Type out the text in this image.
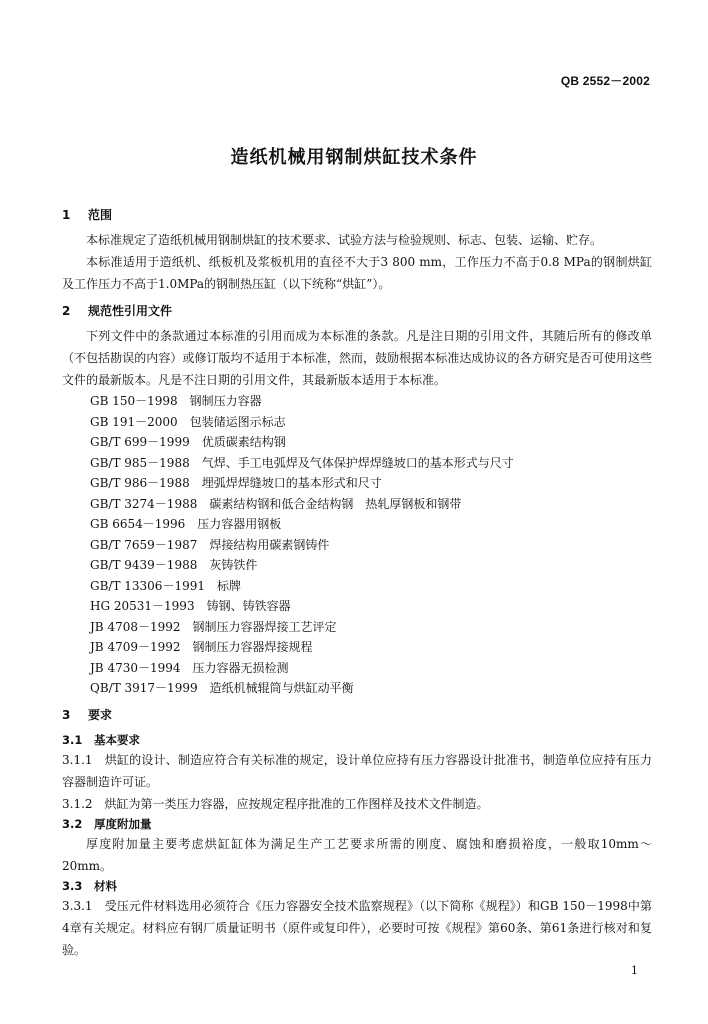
QB 2552－2002
造纸机械用钢制烘缸技术条件
1 范围
本标准规定了造纸机械用钢制烘缸的技术要求、试验方法与检验规则、标志、包装、运输、贮存。
本标准适用于造纸机、纸板机及浆板机用的直径不大于3 800 mm，工作压力不高于0.8 MPa的钢制烘缸及工作压力不高于1.0MPa的钢制热压缸（以下统称“烘缸”）。
2 规范性引用文件
下列文件中的条款通过本标准的引用而成为本标准的条款。凡是注日期的引用文件，其随后所有的修改单（不包括勘误的内容）或修订版均不适用于本标准，然而，鼓励根据本标准达成协议的各方研究是否可使用这些文件的最新版本。凡是不注日期的引用文件，其最新版本适用于本标准。
GB 150－1998　钢制压力容器
GB 191－2000　包装储运图示标志
GB/T 699－1999　优质碳素结构钢
GB/T 985－1988　气焊、手工电弧焊及气体保护焊焊缝坡口的基本形式与尺寸
GB/T 986－1988　埋弧焊焊缝坡口的基本形式和尺寸
GB/T 3274－1988　碳素结构钢和低合金结构钢　热轧厚钢板和钢带
GB 6654－1996　压力容器用钢板
GB/T 7659－1987　焊接结构用碳素钢铸件
GB/T 9439－1988　灰铸铁件
GB/T 13306－1991　标牌
HG 20531－1993　铸钢、铸铁容器
JB 4708－1992　钢制压力容器焊接工艺评定
JB 4709－1992　钢制压力容器焊接规程
JB 4730－1994　压力容器无损检测
QB/T 3917－1999　造纸机械辊筒与烘缸动平衡
3 要求
3.1 基本要求
3.1.1　烘缸的设计、制造应符合有关标准的规定，设计单位应持有压力容器设计批准书，制造单位应持有压力容器制造许可证。
3.1.2　烘缸为第一类压力容器，应按规定程序批准的工作图样及技术文件制造。
3.2 厚度附加量
厚度附加量主要考虑烘缸缸体为满足生产工艺要求所需的刚度、腐蚀和磨损裕度，一般取10mm～20mm。
3.3 材料
3.3.1　受压元件材料选用必须符合《压力容器安全技术监察规程》（以下简称《规程》）和GB 150－1998中第4章有关规定。材料应有钢厂质量证明书（原件或复印件），必要时可按《规程》第60条、第61条进行核对和复验。
1
